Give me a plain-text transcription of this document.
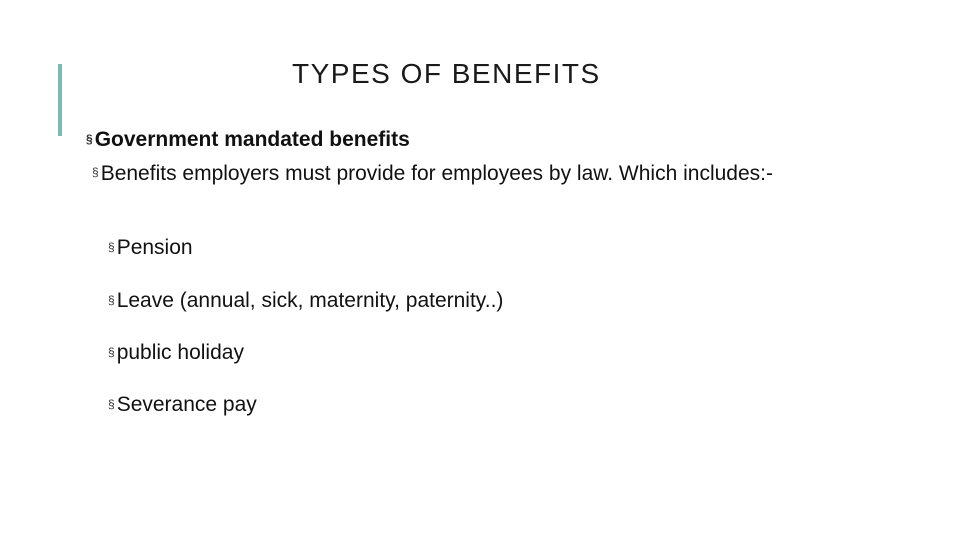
TYPES OF BENEFITS
§ Government mandated benefits
§ Benefits employers must provide for employees by law. Which includes:-
§ Pension
§ Leave (annual, sick, maternity, paternity..)
§ public holiday
§ Severance pay
